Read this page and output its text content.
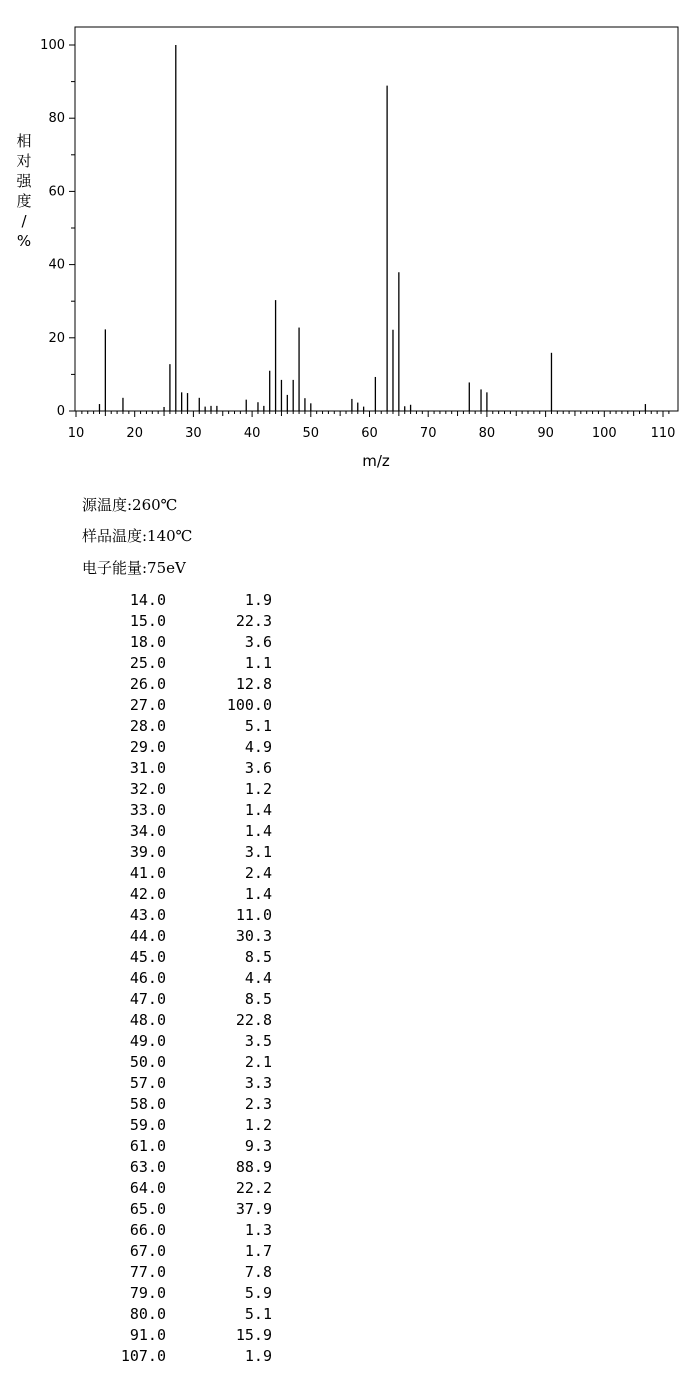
0
20
40
60
80
100
10	20	30	40	50	60	70	80	90	100	110
m/z
相
对
强
度
/
%
源温度:260℃
样品温度:140℃
电子能量:75eV
14.0	1.9
15.0	22.3
18.0	3.6
25.0	1.1
26.0	12.8
27.0	100.0
28.0	5.1
29.0	4.9
31.0	3.6
32.0	1.2
33.0	1.4
34.0	1.4
39.0	3.1
41.0	2.4
42.0	1.4
43.0	11.0
44.0	30.3
45.0	8.5
46.0	4.4
47.0	8.5
48.0	22.8
49.0	3.5
50.0	2.1
57.0	3.3
58.0	2.3
59.0	1.2
61.0	9.3
63.0	88.9
64.0	22.2
65.0	37.9
66.0	1.3
67.0	1.7
77.0	7.8
79.0	5.9
80.0	5.1
91.0	15.9
107.0	1.9
